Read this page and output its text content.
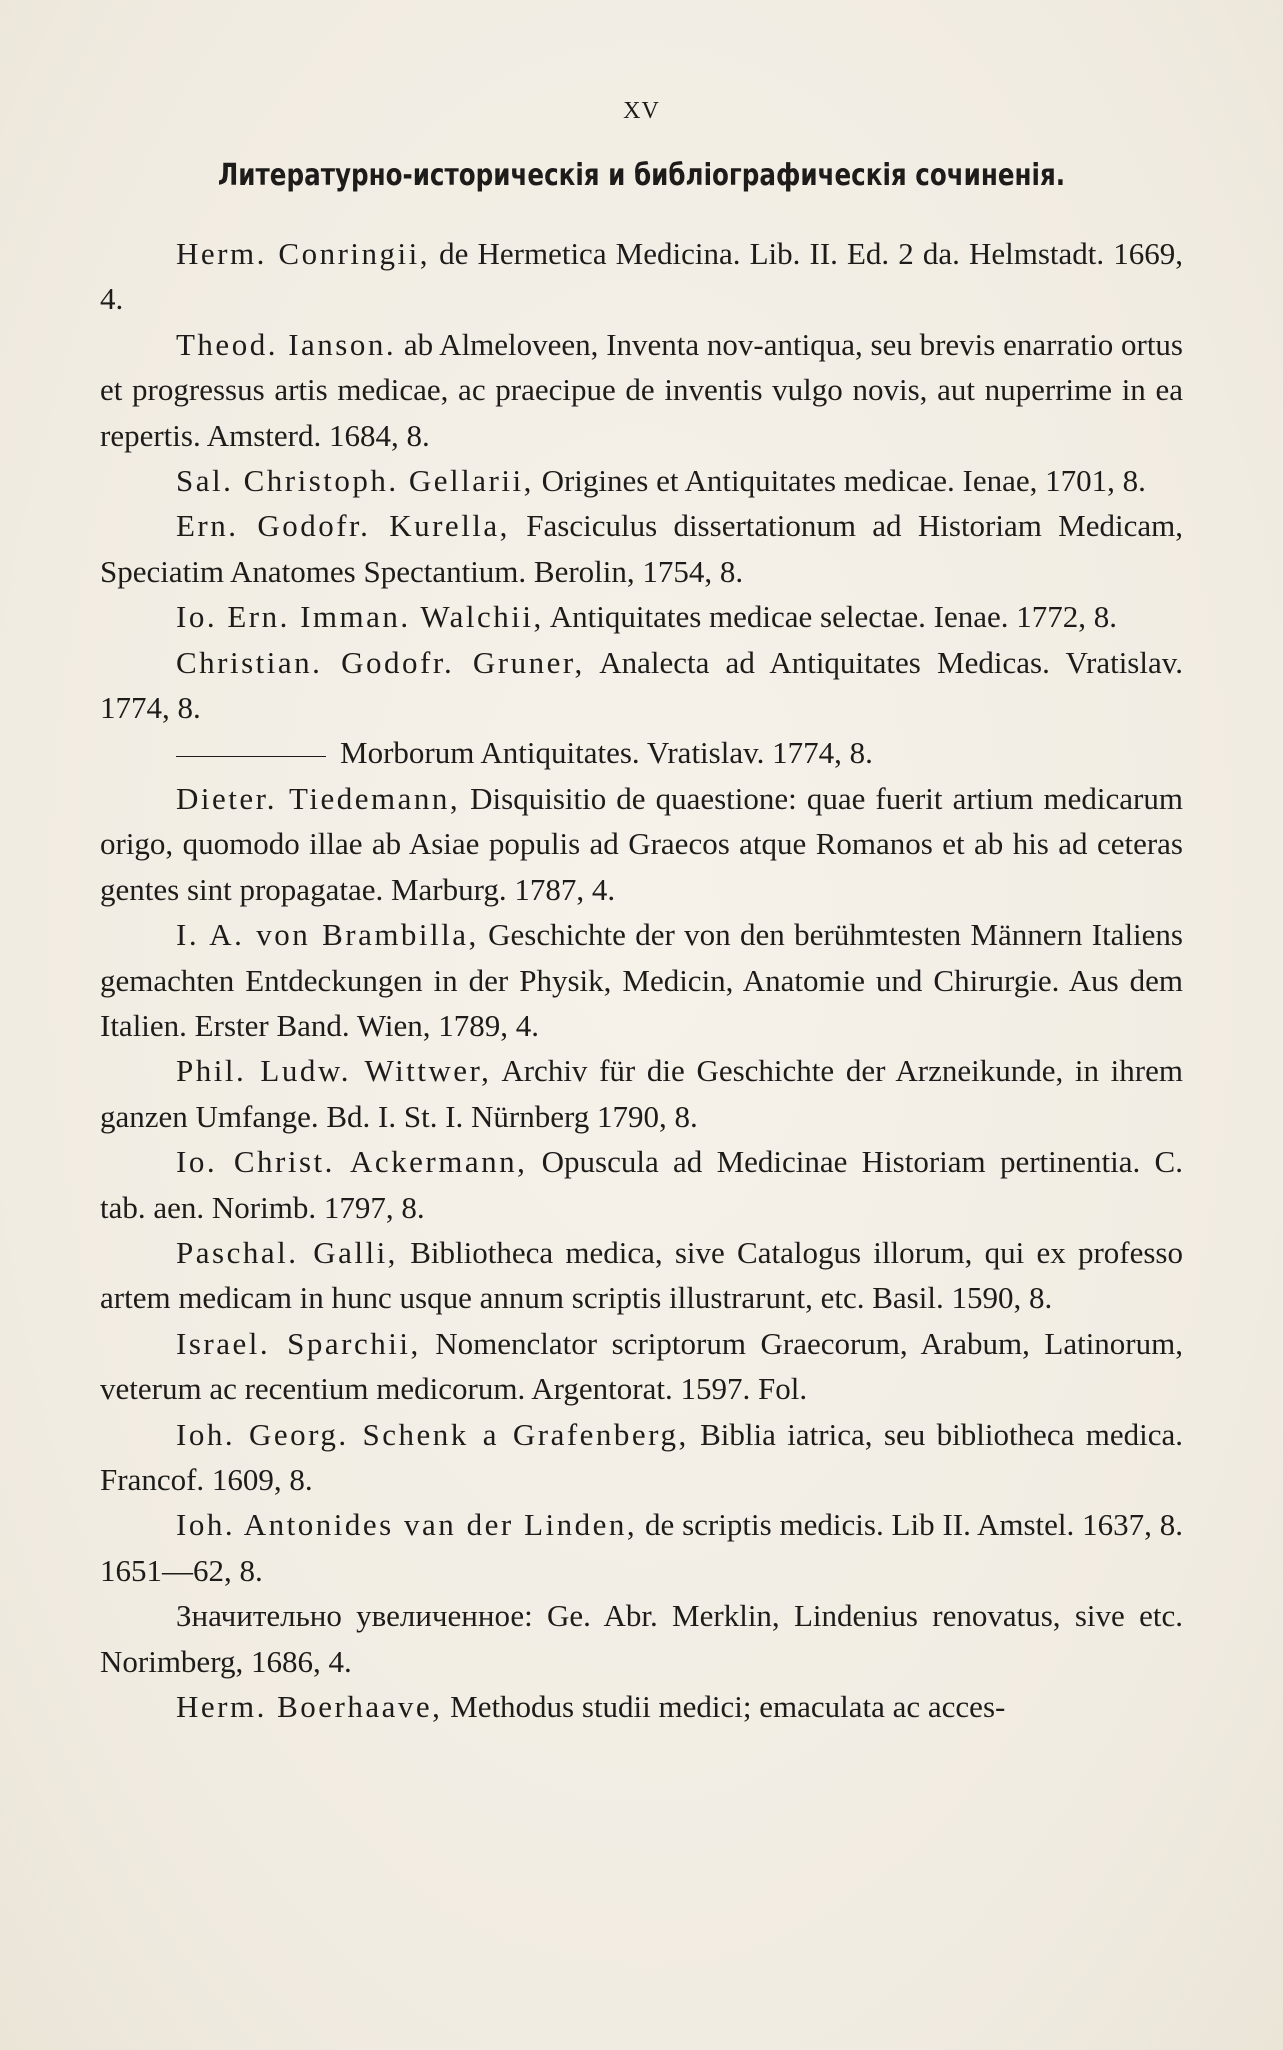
XV
Литературно-историческія и библіографическія сочиненія.

Herm. Conringii, de Hermetica Medicina. Lib. II. Ed. 2 da. Helmstadt. 1669, 4.

Theod. Ianson. ab Almeloveen, Inventa nov-antiqua, seu brevis enarratio ortus et progressus artis medicae, ac praecipue de inventis vulgo novis, aut nuperrime in ea repertis. Amsterd. 1684, 8.

Sal. Christoph. Gellarii, Origines et Antiquitates medicae. Ienae, 1701, 8.

Ern. Godofr. Kurella, Fasciculus dissertationum ad Historiam Medicam, Speciatim Anatomes Spectantium. Berolin, 1754, 8.

Io. Ern. Imman. Walchii, Antiquitates medicae selectae. Ienae. 1772, 8.

Christian. Godofr. Gruner, Analecta ad Antiquitates Medicas. Vratislav. 1774, 8.

Morborum Antiquitates. Vratislav. 1774, 8.

Dieter. Tiedemann, Disquisitio de quaestione: quae fuerit artium medicarum origo, quomodo illae ab Asiae populis ad Graecos atque Romanos et ab his ad ceteras gentes sint propagatae. Marburg. 1787, 4.

I. A. von Brambilla, Geschichte der von den berühmtesten Männern Italiens gemachten Entdeckungen in der Physik, Medicin, Anatomie und Chirurgie. Aus dem Italien. Erster Band. Wien, 1789, 4.

Phil. Ludw. Wittwer, Archiv für die Geschichte der Arzneikunde, in ihrem ganzen Umfange. Bd. I. St. I. Nürnberg 1790, 8.

Io. Christ. Ackermann, Opuscula ad Medicinae Historiam pertinentia. C. tab. aen. Norimb. 1797, 8.

Paschal. Galli, Bibliotheca medica, sive Catalogus illorum, qui ex professo artem medicam in hunc usque annum scriptis illustrarunt, etc. Basil. 1590, 8.

Israel. Sparchii, Nomenclator scriptorum Graecorum, Arabum, Latinorum, veterum ac recentium medicorum. Argentorat. 1597. Fol.

Ioh. Georg. Schenk a Grafenberg, Biblia iatrica, seu bibliotheca medica. Francof. 1609, 8.

Ioh. Antonides van der Linden, de scriptis medicis. Lib II. Amstel. 1637, 8. 1651—62, 8.

Значительно увеличенное: Ge. Abr. Merklin, Lindenius renovatus, sive etc. Norimberg, 1686, 4.

Herm. Boerhaave, Methodus studii medici; emaculata ac acces-
